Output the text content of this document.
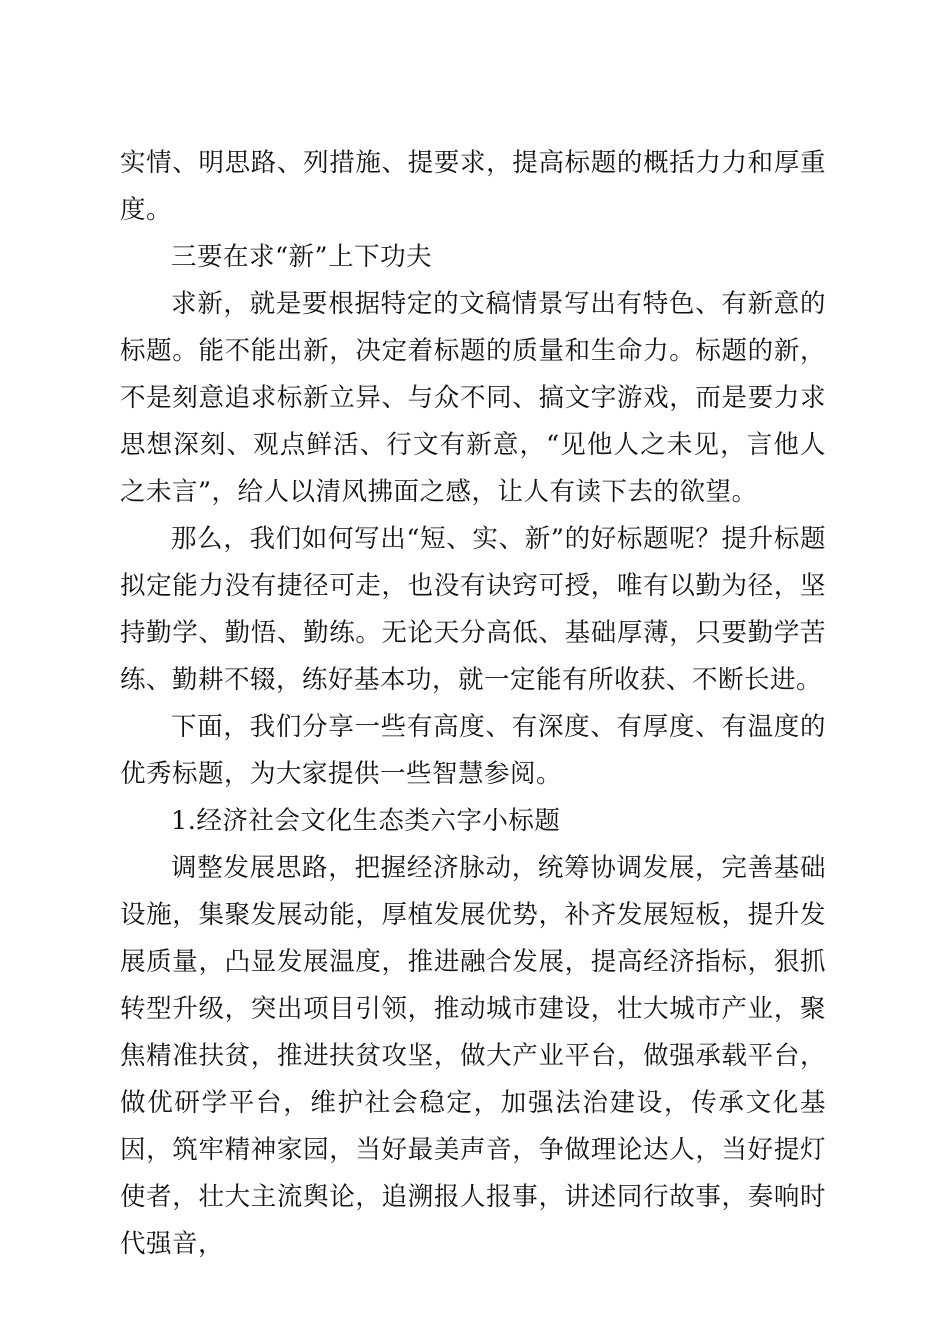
实情、明思路、列措施、提要求，提高标题的概括力力和厚重度。

三要在求“新”上下功夫

求新，就是要根据特定的文稿情景写出有特色、有新意的标题。能不能出新，决定着标题的质量和生命力。标题的新，不是刻意追求标新立异、与众不同、搞文字游戏，而是要力求思想深刻、观点鲜活、行文有新意，“见他人之未见，言他人之未言”，给人以清风拂面之感，让人有读下去的欲望。

那么，我们如何写出“短、实、新”的好标题呢？提升标题拟定能力没有捷径可走，也没有诀窍可授，唯有以勤为径，坚持勤学、勤悟、勤练。无论天分高低、基础厚薄，只要勤学苦练、勤耕不辍，练好基本功，就一定能有所收获、不断长进。

下面，我们分享一些有高度、有深度、有厚度、有温度的优秀标题，为大家提供一些智慧参阅。

1.经济社会文化生态类六字小标题

调整发展思路，把握经济脉动，统筹协调发展，完善基础设施，集聚发展动能，厚植发展优势，补齐发展短板，提升发展质量，凸显发展温度，推进融合发展，提高经济指标，狠抓转型升级，突出项目引领，推动城市建设，壮大城市产业，聚焦精准扶贫，推进扶贫攻坚，做大产业平台，做强承载平台，做优研学平台，维护社会稳定，加强法治建设，传承文化基因，筑牢精神家园，当好最美声音，争做理论达人，当好提灯使者，壮大主流舆论，追溯报人报事，讲述同行故事，奏响时代强音，
